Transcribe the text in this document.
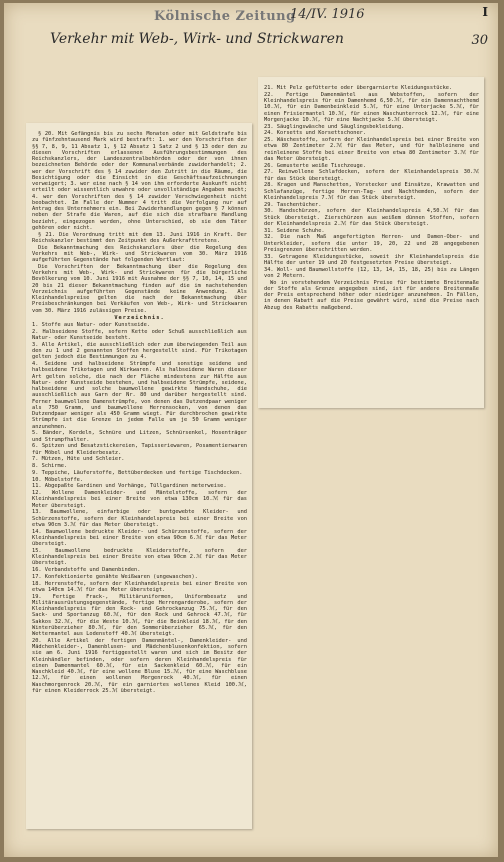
Kölnische Zeitung
14/IV. 1916	I
Verkehr mit Web-, Wirk- und Strickwaren	30

§ 20. Mit Gefängnis bis zu sechs Monaten oder mit Geldstrafe bis zu fünfzehntausend Mark wird bestraft: 1. wer den Vorschriften der §§ 7, 8, 9, 11 Absatz 1, § 12 Absatz 1 Satz 2 und § 13 oder den zu diesen Vorschriften erlassenen Ausführungsbestimmungen des Reichskanzlers, der Landeszentralbehörden oder der von ihnen bezeichneten Behörde oder der Kommunalverbände zuwiderhandelt; 2. wer der Vorschrift des § 14 zuwider den Zutritt in die Räume, die Besichtigung oder die Einsicht in die Geschäftsaufzeichnungen verweigert; 3. wer eine nach § 14 von ihm erforderte Auskunft nicht erteilt oder wissentlich unwahre oder unvollständige Angaben macht; 4. wer den Vorschriften des § 14 zuwider Verschwiegenheit nicht beobachtet. Im Falle der Nummer 4 tritt die Verfolgung nur auf Antrag des Unternehmers ein. Bei Zuwiderhandlungen gegen § 7 können neben der Strafe die Waren, auf die sich die strafbare Handlung bezieht, eingezogen werden, ohne Unterschied, ob sie dem Täter gehören oder nicht.

§ 21. Die Verordnung tritt mit dem 13. Juni 1916 in Kraft. Der Reichskanzler bestimmt den Zeitpunkt des Außerkrafttretens.

Die Bekanntmachung des Reichskanzlers über die Regelung des Verkehrs mit Web-, Wirk- und Strickwaren vom 30. März 1916 aufgeführten Gegenstände hat folgenden Wortlaut:

Die Vorschriften der Bekanntmachung über die Regelung des Verkehrs mit Web-, Wirk- und Strickwaren für die bürgerliche Bevölkerung vom 10. Juni 1916 mit Ausnahme der §§ 7, 10, 14, 15 und 20 bis 21 dieser Bekanntmachung finden auf die im nachstehenden Verzeichnis aufgeführten Gegenstände keine Anwendung. Als Kleinhandelspreise gelten die nach der Bekanntmachung über Preisbeschränkungen bei Verkäufen von Web-, Wirk- und Strickwaren vom 30. März 1916 zulässigen Preise.

Verzeichnis.

1. Stoffe aus Natur- oder Kunstseide.

2. Halbseidene Stoffe, sofern Kette oder Schuß ausschließlich aus Natur- oder Kunstseide besteht.

3. Alle Artikel, die ausschließlich oder zum überwiegenden Teil aus den zu 1 und 2 genannten Stoffen hergestellt sind. Für Trikotagen gelten jedoch die Bestimmungen zu 4.

4. Seidene und halbseidene Strümpfe und sonstige seidene und halbseidene Trikotagen und Wirkwaren. Als halbseidene Waren dieser Art gelten solche, die nach der Fläche mindestens zur Hälfte aus Natur- oder Kunstseide bestehen, und halbseidene Strümpfe, seidene, halbseidene und solche baumwollene gewirkte Handschuhe, die ausschließlich aus Garn der Nr. 80 und darüber hergestellt sind. Ferner baumwollene Damenstrümpfe, von denen das Dutzendpaar weniger als 750 Gramm, und baumwollene Herrensocken, von denen das Dutzendpaar weniger als 450 Gramm wiegt. Für durchbrochen gewirkte Strümpfe ist die Grenze in jedem Falle um je 50 Gramm weniger anzunehmen.

5. Bänder, Kordeln, Schnüre und Litzen, Schnürsenkel, Hosenträger und Strumpfhalter.

6. Spitzen und Besatzstickereien, Tapisseriewaren, Posamentierwaren für Möbel und Kleiderbesatz.

7. Mützen, Hüte und Schleier.

8. Schirme.

9. Teppiche, Läuferstoffe, Bettüberdecken und fertige Tischdecken.

10. Möbelstoffe.

11. Abgepaßte Gardinen und Vorhänge, Tüllgardinen meterweise.

12. Wollene Damenkleider- und Mäntelstoffe, sofern der Kleinhandelspreis bei einer Breite von etwa 130cm 10.ℳ für das Meter übersteigt.

13. Baumwollene, einfarbige oder buntgewebte Kleider- und Schürzenstoffe, sofern der Kleinhandelspreis bei einer Breite von etwa 90cm 3.ℳ für das Meter übersteigt.

14. Baumwollene bedruckte Kleider- und Schürzenstoffe, sofern der Kleinhandelspreis bei einer Breite von etwa 90cm 6.ℳ für das Meter übersteigt.

15. Baumwollene bedruckte Kleiderstoffe, sofern der Kleinhandelspreis bei einer Breite von etwa 90cm 2.ℳ für das Meter übersteigt.

16. Verbandstoffe und Damenbinden.

17. Konfektionierte genähte Weißwaren (ungewaschen).

18. Herrenstoffe, sofern der Kleinhandelspreis bei einer Breite von etwa 140cm 14.ℳ für das Meter übersteigt.

19. Fertige Frack-, Militäruniformen, Uniformbesatz und Militärausrüstungsgegenstände, fertige Herrengarderobe, sofern der Kleinhandelspreis für den Rock- und Gehrockanzug 75.ℳ, für den Sack- und Sportanzug 60.ℳ, für den Rock und Gehrock 47.ℳ, für Sakkos 32.ℳ, für die Weste 10.ℳ, für die Beinkleid 18.ℳ, für den Winterüberzieher 80.ℳ, für den Sommerüberzieher 65.ℳ, für den Wettermantel aus Lodenstoff 40.ℳ übersteigt.

20. Alle Artikel der fertigen Damenmäntel-, Damenkleider- und Mädchenkleider-, Damenblusen- und Mädchenblusenkonfektion, sofern sie am 6. Juni 1916 fertiggestellt waren und sich im Besitz der Kleinhändler befinden, oder sofern deren Kleinhandelspreis für einen Damenmantel 60.ℳ, für ein Sackenkleid 60.ℳ, für ein Waschkleid 40.ℳ, für eine wollene Bluse 15.ℳ, für eine Waschbluse 12.ℳ, für einen wollenen Morgenrock 40.ℳ, für einen Waschmorgenrock 20.ℳ, für ein garniertes wollenes Kleid 100.ℳ, für einen Kleiderrock 25.ℳ übersteigt.

21. Mit Pelz gefütterte oder übergarnierte Kleidungsstücke.

22. Fertige Damenmäntel aus Webstoffen, sofern der Kleinhandelspreis für ein Damenhemd 6,50.ℳ, für ein Damennachthemd 10.ℳ, für ein Damenbeinkleid 5.ℳ, für eine Unterjacke 5.ℳ, für einen Frisiermantel 10.ℳ, für einen Waschunterrock 12.ℳ, für eine Morgenjacke 10.ℳ, für eine Nachtjacke 5.ℳ übersteigt.

23. Säuglingswäsche und Säuglingsbekleidung.

24. Korsetts und Korsettschoner.

25. Wäschestoffe, sofern der Kleinhandelspreis bei einer Breite von etwa 80 Zentimeter 2.ℳ für das Meter, und für halbleinene und reinleinene Stoffe bei einer Breite von etwa 80 Zentimeter 3.ℳ für das Meter übersteigt.

26. Gemusterte weiße Tischzeuge.

27. Reinwollene Schlafdecken, sofern der Kleinhandelspreis 30.ℳ für das Stück übersteigt.

28. Kragen und Manschetten, Vorstecker und Einsätze, Krawatten und Schlafanzüge, fertige Herren-Tag- und Nachthemden, sofern der Kleinhandelspreis 7.ℳ für das Stück übersteigt.

29. Taschentücher.

30. Handschürzen, sofern der Kleinhandelspreis 4,50.ℳ für das Stück übersteigt. Zierschürzen aus weißem dünnen Stoffen, sofern der Kleinhandelspreis 2.ℳ für das Stück übersteigt.

31. Seidene Schuhe.

32. Die nach Maß angefertigten Herren- und Damen-Ober- und Unterkleider, sofern die unter 19, 20, 22 und 28 angegebenen Preisgrenzen überschritten werden.

33. Getragene Kleidungsstücke, soweit ihr Kleinhandelspreis die Hälfte der unter 19 und 20 festgesetzten Preise übersteigt.

34. Woll- und Baumwollstoffe (12, 13, 14, 15, 18, 25) bis zu Längen von 2 Metern.

Wo in vorstehendem Verzeichnis Preise für bestimmte Breitenmaße der Stoffe als Grenze angegeben sind, ist für andere Breitenmaße der Preis entsprechend höher oder niedriger anzunehmen. In Fällen, in denen Rabatt auf die Preise gewährt wird, sind die Preise nach Abzug des Rabatts maßgebend.
